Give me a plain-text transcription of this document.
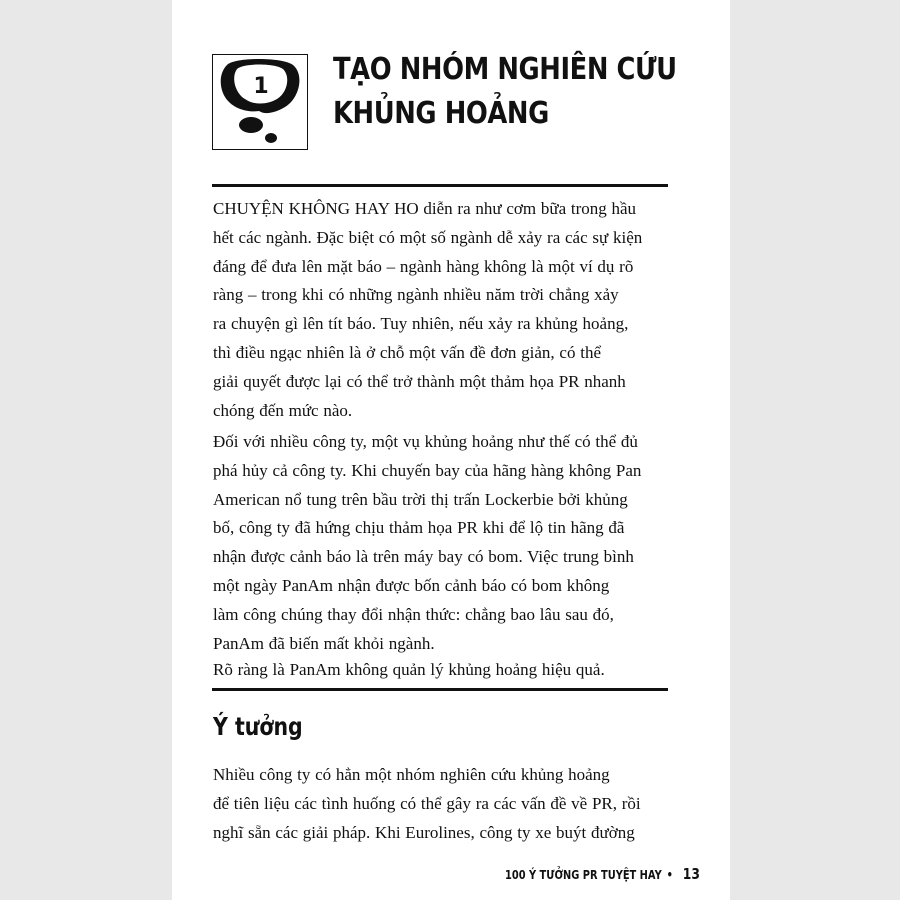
1 TẠO NHÓM NGHIÊN CỨU
KHỦNG HOẢNG
CHUYỆN KHÔNG HAY HO diễn ra như cơm bữa trong hầu
hết các ngành. Đặc biệt có một số ngành dễ xảy ra các sự kiện
đáng để đưa lên mặt báo – ngành hàng không là một ví dụ rõ
ràng – trong khi có những ngành nhiều năm trời chẳng xảy
ra chuyện gì lên tít báo. Tuy nhiên, nếu xảy ra khủng hoảng,
thì điều ngạc nhiên là ở chỗ một vấn đề đơn giản, có thể
giải quyết được lại có thể trở thành một thảm họa PR nhanh
chóng đến mức nào.
Đối với nhiều công ty, một vụ khủng hoảng như thế có thể đủ
phá hủy cả công ty. Khi chuyến bay của hãng hàng không Pan
American nổ tung trên bầu trời thị trấn Lockerbie bởi khủng
bố, công ty đã hứng chịu thảm họa PR khi để lộ tin hãng đã
nhận được cảnh báo là trên máy bay có bom. Việc trung bình
một ngày PanAm nhận được bốn cảnh báo có bom không
làm công chúng thay đổi nhận thức: chẳng bao lâu sau đó,
PanAm đã biến mất khỏi ngành.
Rõ ràng là PanAm không quản lý khủng hoảng hiệu quả.
Ý tưởng
Nhiều công ty có hẳn một nhóm nghiên cứu khủng hoảng
để tiên liệu các tình huống có thể gây ra các vấn đề về PR, rồi
nghĩ sẵn các giải pháp. Khi Eurolines, công ty xe buýt đường
100 Ý TƯỞNG PR TUYỆT HAY • 13
